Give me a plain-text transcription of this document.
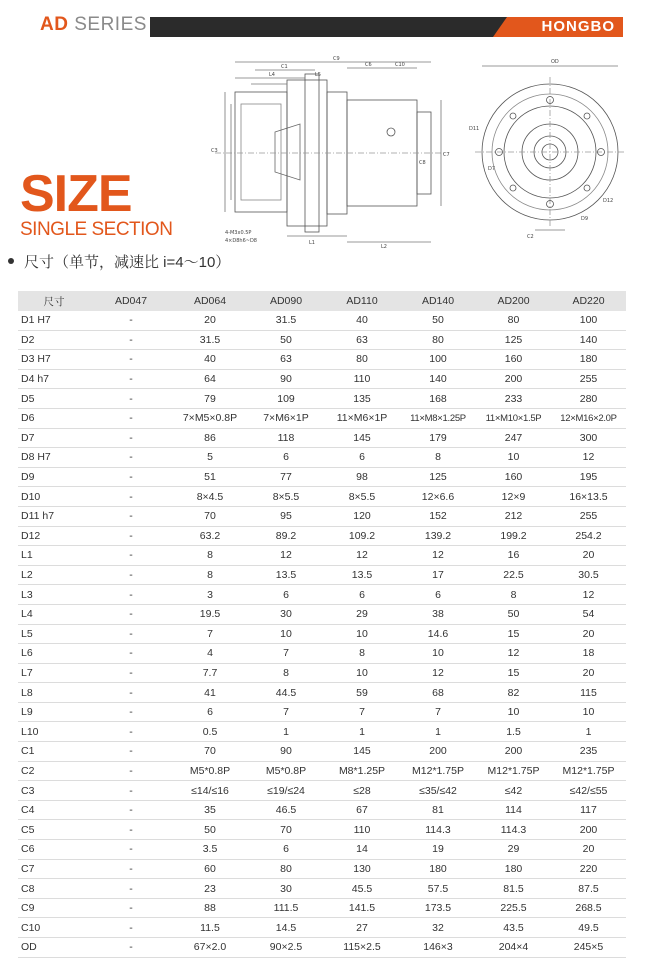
AD SERIES	HONGBO
C9
C1
L4	L5
C10
C6
C7
C8
C3
L1
L2
D11
D12
D9
C2
4-M3x0.5P
4×D8h6~D8
OD
D7
SIZE
SINGLE SECTION
尺寸（单节，减速比 i=4～10）
尺寸	AD047	AD064	AD090	AD110	AD140	AD200	AD220
D1 H7	-	20	31.5	40	50	80	100
D2	-	31.5	50	63	80	125	140
D3 H7	-	40	63	80	100	160	180
D4 h7	-	64	90	110	140	200	255
D5	-	79	109	135	168	233	280
D6	-	7×M5×0.8P	7×M6×1P	11×M6×1P	11×M8×1.25P	11×M10×1.5P	12×M16×2.0P
D7	-	86	118	145	179	247	300
D8 H7	-	5	6	6	8	10	12
D9	-	51	77	98	125	160	195
D10	-	8×4.5	8×5.5	8×5.5	12×6.6	12×9	16×13.5
D11 h7	-	70	95	120	152	212	255
D12	-	63.2	89.2	109.2	139.2	199.2	254.2
L1	-	8	12	12	12	16	20
L2	-	8	13.5	13.5	17	22.5	30.5
L3	-	3	6	6	6	8	12
L4	-	19.5	30	29	38	50	54
L5	-	7	10	10	14.6	15	20
L6	-	4	7	8	10	12	18
L7	-	7.7	8	10	12	15	20
L8	-	41	44.5	59	68	82	115
L9	-	6	7	7	7	10	10
L10	-	0.5	1	1	1	1.5	1
C1	-	70	90	145	200	200	235
C2	-	M5*0.8P	M5*0.8P	M8*1.25P	M12*1.75P	M12*1.75P	M12*1.75P
C3	-	≤14/≤16	≤19/≤24	≤28	≤35/≤42	≤42	≤42/≤55
C4	-	35	46.5	67	81	114	117
C5	-	50	70	110	114.3	114.3	200
C6	-	3.5	6	14	19	29	20
C7	-	60	80	130	180	180	220
C8	-	23	30	45.5	57.5	81.5	87.5
C9	-	88	111.5	141.5	173.5	225.5	268.5
C10	-	11.5	14.5	27	32	43.5	49.5
OD	-	67×2.0	90×2.5	115×2.5	146×3	204×4	245×5
